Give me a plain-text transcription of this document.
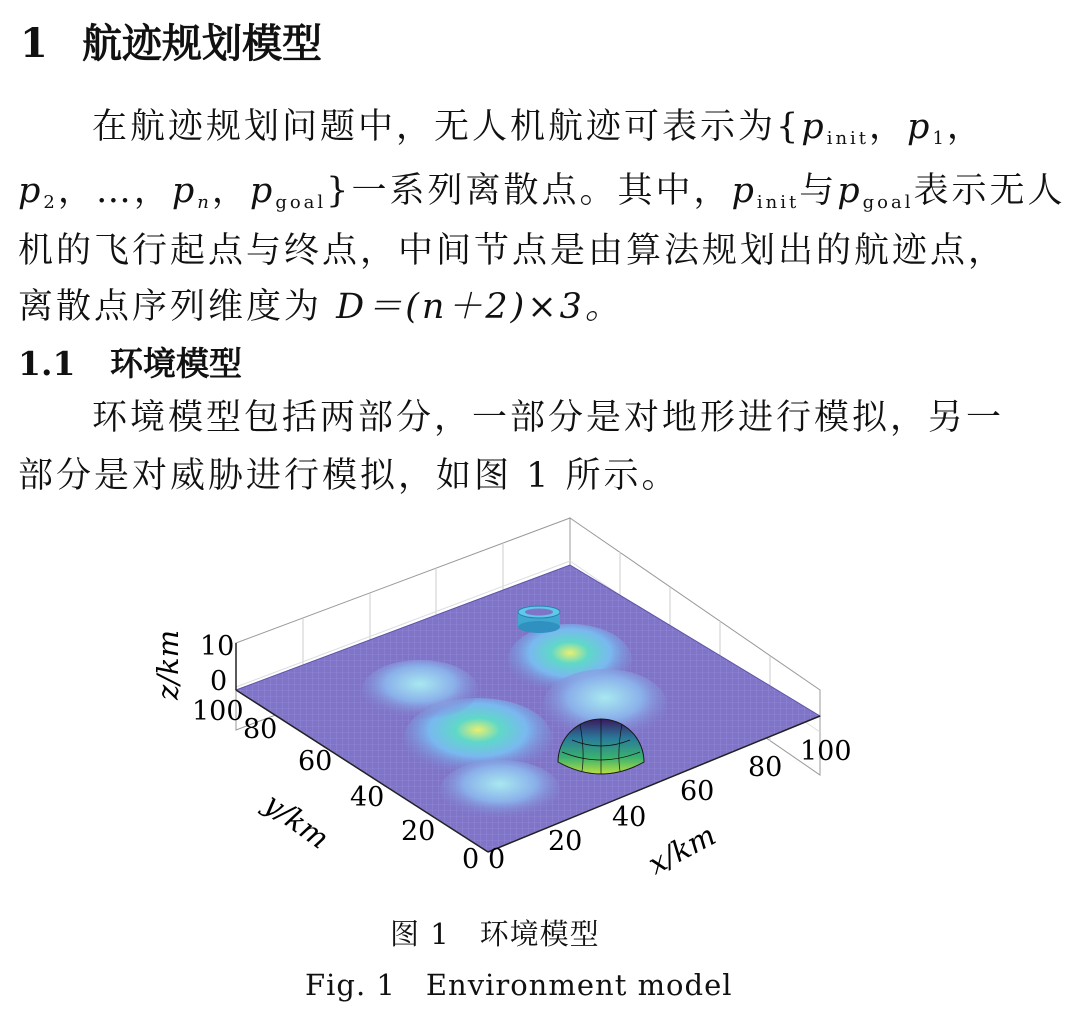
1 航迹规划模型
在航迹规划问题中，无人机航迹可表示为{$p_{init}$，$p_1$，
$p_2$，…，$p_n$，$p_{goal}$}一系列离散点。其中，$p_{init}$与$p_{goal}$表示无人
机的飞行起点与终点，中间节点是由算法规划出的航迹点，
离散点序列维度为 D＝(n＋2)×3。
1.1 环境模型
环境模型包括两部分，一部分是对地形进行模拟，另一
部分是对威胁进行模拟，如图 1 所示。
10
0
z/km
100
80
60
40
20
0
y/km
0
20
40
60
80
100
x/km
图 1　环境模型
Fig. 1　Environment model
